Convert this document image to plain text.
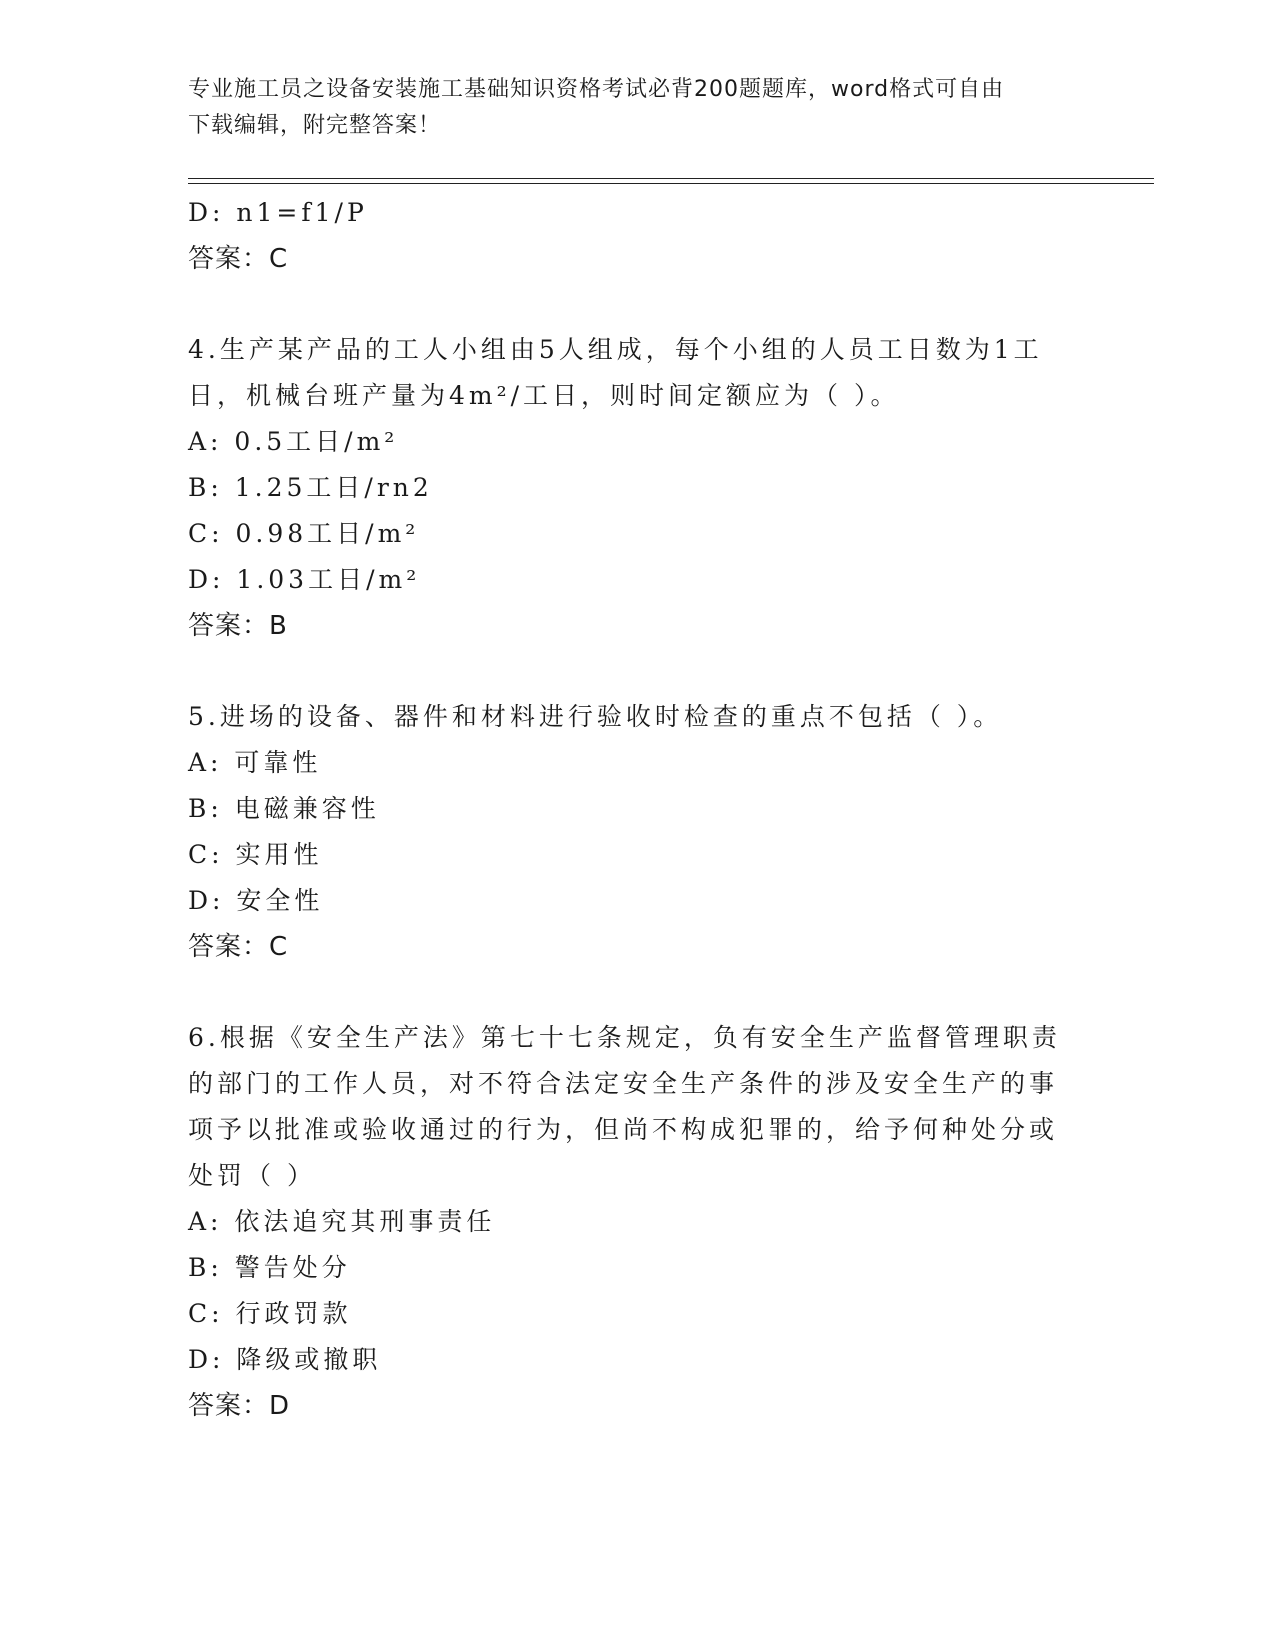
专业施工员之设备安装施工基础知识资格考试必背200题题库，word格式可自由
下载编辑，附完整答案！
D: n1=f1/P
答案：C
4.生产某产品的工人小组由5人组成，每个小组的人员工日数为1工
日，机械台班产量为4m²/工日，则时间定额应为（ ）。
A: 0.5工日/m²
B: 1.25工日/rn2
C: 0.98工日/m²
D: 1.03工日/m²
答案：B
5.进场的设备、器件和材料进行验收时检查的重点不包括（ ）。
A: 可靠性
B: 电磁兼容性
C: 实用性
D: 安全性
答案：C
6.根据《安全生产法》第七十七条规定，负有安全生产监督管理职责
的部门的工作人员，对不符合法定安全生产条件的涉及安全生产的事
项予以批准或验收通过的行为，但尚不构成犯罪的，给予何种处分或
处罚（ ）
A: 依法追究其刑事责任
B: 警告处分
C: 行政罚款
D: 降级或撤职
答案：D
